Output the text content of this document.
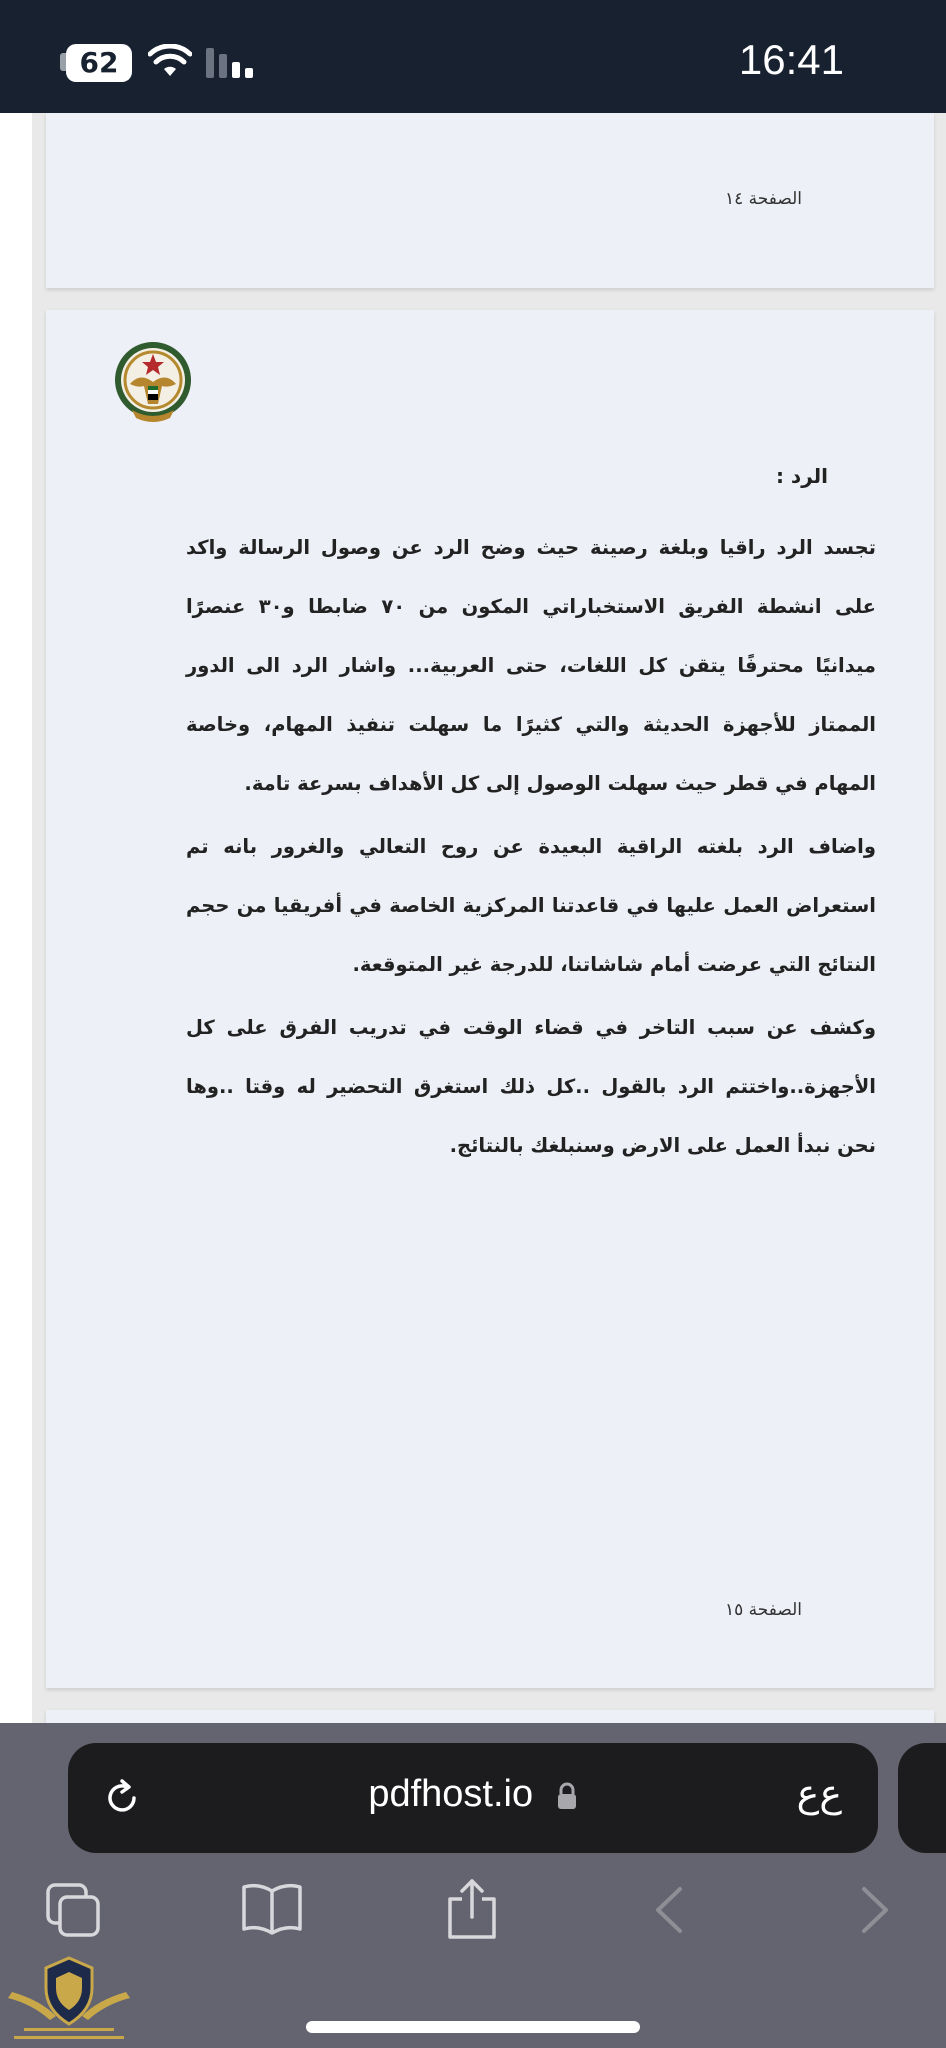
62	16:41
الصفحة ١٤
الرد :

تجسد الرد راقيا وبلغة رصينة حيث وضح الرد عن وصول الرسالة واكد على انشطة الفريق الاستخباراتي المكون من ٧٠ ضابطا و٣٠ عنصرًا ميدانيًا محترفًا يتقن كل اللغات، حتى العربية... واشار الرد الى الدور الممتاز للأجهزة الحديثة والتي كثيرًا ما سهلت تنفيذ المهام، وخاصة المهام في قطر حيث سهلت الوصول إلى كل الأهداف بسرعة تامة.

واضاف الرد بلغته الراقية البعيدة عن روح التعالي والغرور بانه تم استعراض العمل عليها في قاعدتنا المركزية الخاصة في أفريقيا من حجم النتائج التي عرضت أمام شاشاتنا، للدرجة غير المتوقعة.

وكشف عن سبب التاخر في قضاء الوقت في تدريب الفرق على كل الأجهزة..واختتم الرد بالقول ..كل ذلك استغرق التحضير له وقتا ..وها نحن نبدأ العمل على الارض وسنبلغك بالنتائج.

الصفحة ١٥
pdfhost.io	ع‌ع
